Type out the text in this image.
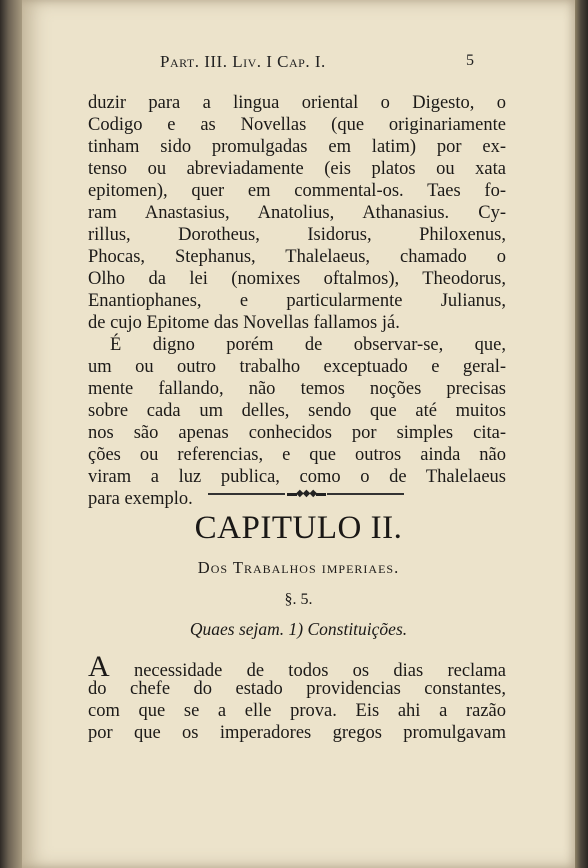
Part. III. Liv. I Cap. I.	5
duzir para a lingua oriental o Digesto, o
Codigo e as Novellas (que originariamente
tinham sido promulgadas em latim) por ex-
tenso ou abreviadamente (eis platos ou xata
epitomen), quer em commental-os. Taes fo-
ram Anastasius, Anatolius, Athanasius. Cy-
rillus, Dorotheus, Isidorus, Philoxenus,
Phocas, Stephanus, Thalelaeus, chamado o
Olho da lei (nomixes oftalmos), Theodorus,
Enantiophanes, e particularmente Julianus,
de cujo Epitome das Novellas fallamos já.
É digno porém de observar-se, que,
um ou outro trabalho exceptuado e geral-
mente fallando, não temos noções precisas
sobre cada um delles, sendo que até muitos
nos são apenas conhecidos por simples cita-
ções ou referencias, e que outros ainda não
viram a luz publica, como o de Thalelaeus
para exemplo.	▬◆◆◆▬
CAPITULO II.
Dos Trabalhos imperiaes.
§. 5.
Quaes sejam. 1) Constituições.
A necessidade de todos os dias reclama
do chefe do estado providencias constantes,
com que se a elle prova. Eis ahi a razão
por que os imperadores gregos promulgavam
